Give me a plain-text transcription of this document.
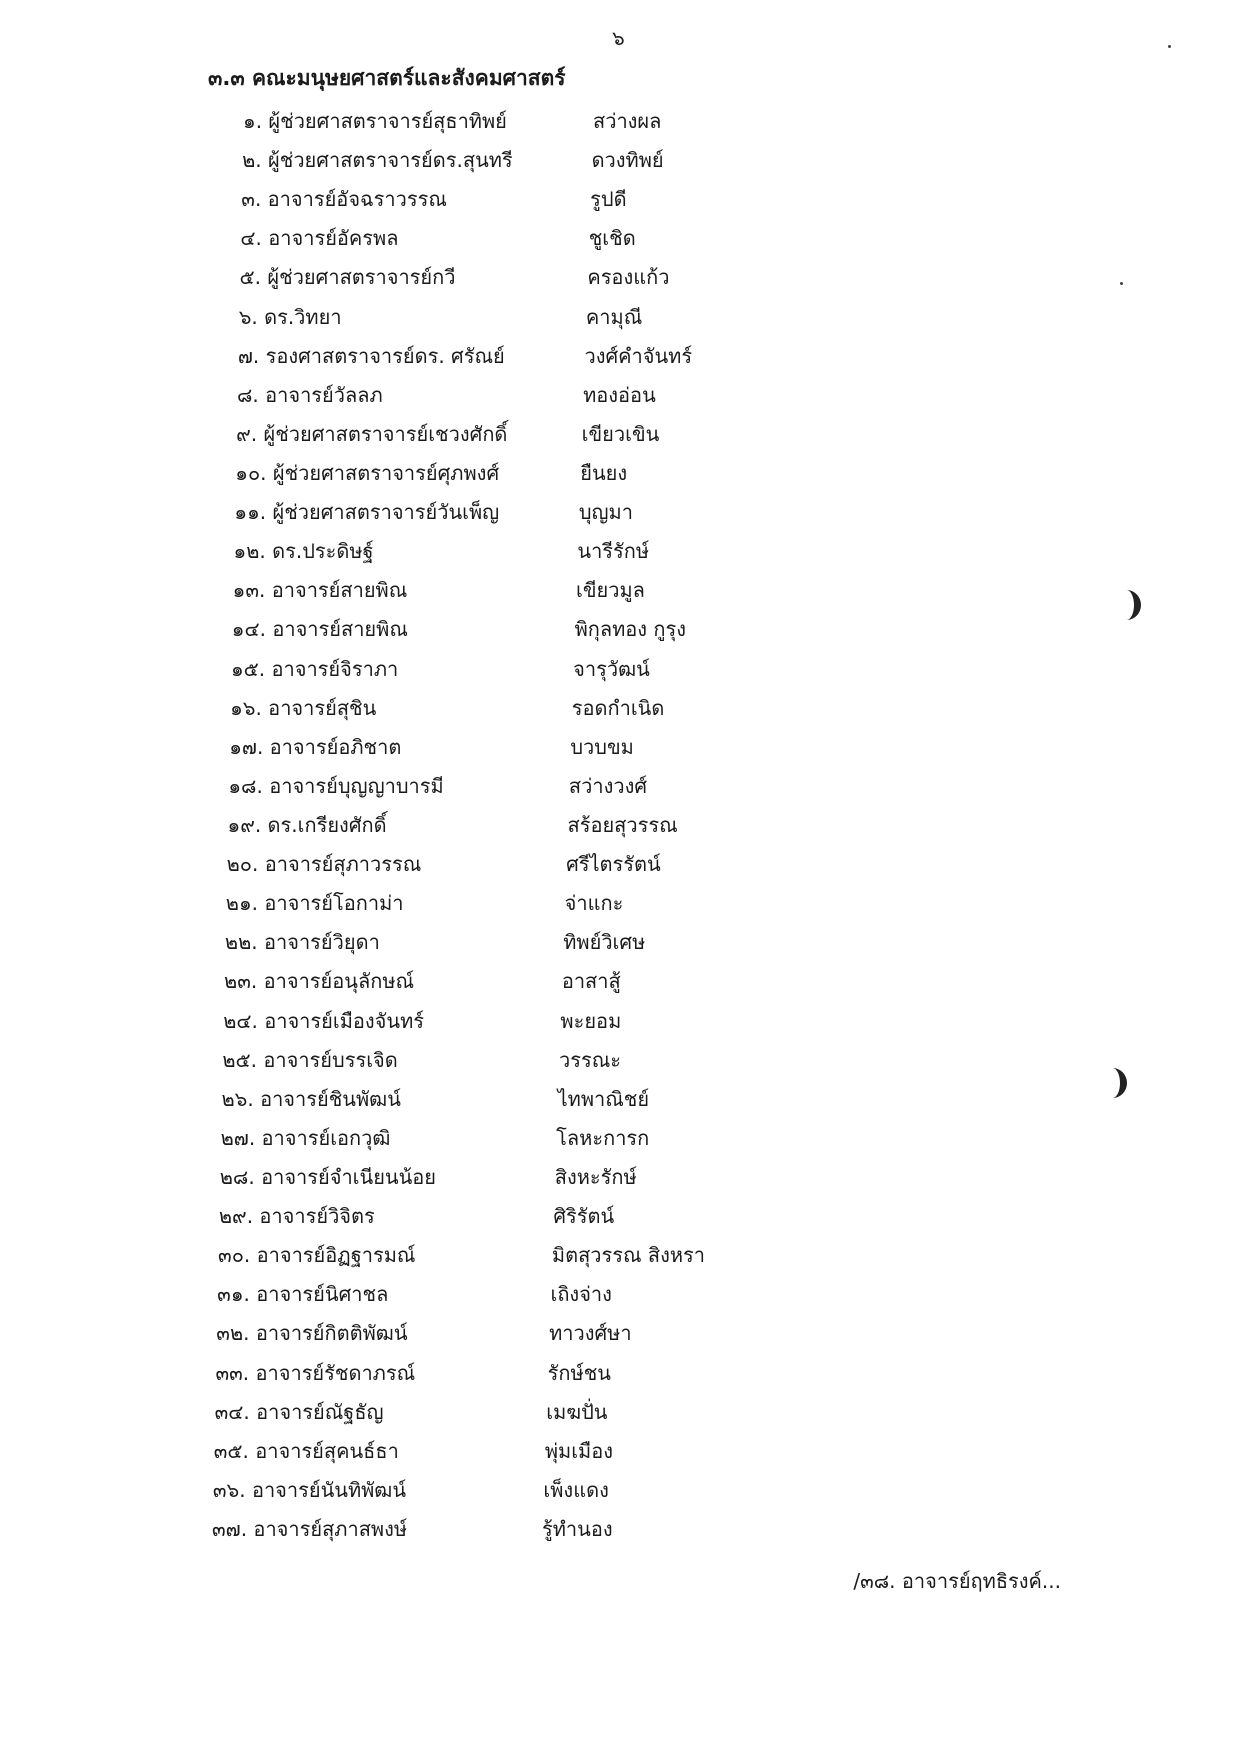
๖
๓.๓ คณะมนุษยศาสตร์และสังคมศาสตร์
๑. ผู้ช่วยศาสตราจารย์สุธาทิพย์	สว่างผล
๒. ผู้ช่วยศาสตราจารย์ดร.สุนทรี	ดวงทิพย์
๓. อาจารย์อัจฉราวรรณ	รูปดี
๔. อาจารย์อัครพล	ชูเชิด
๕. ผู้ช่วยศาสตราจารย์กวี	ครองแก้ว
๖. ดร.วิทยา	คามุณี
๗. รองศาสตราจารย์ดร. ศรัณย์	วงศ์คำจันทร์
๘. อาจารย์วัลลภ	ทองอ่อน
๙. ผู้ช่วยศาสตราจารย์เชวงศักดิ์	เขียวเขิน
๑๐. ผู้ช่วยศาสตราจารย์ศุภพงศ์	ยืนยง
๑๑. ผู้ช่วยศาสตราจารย์วันเพ็ญ	บุญมา
๑๒. ดร.ประดิษฐ์	นารีรักษ์
๑๓. อาจารย์สายพิณ	เขียวมูล
๑๔. อาจารย์สายพิณ	พิกุลทอง กูรุง
๑๕. อาจารย์จิราภา	จารุวัฒน์
๑๖. อาจารย์สุชิน	รอดกำเนิด
๑๗. อาจารย์อภิชาต	บวบขม
๑๘. อาจารย์บุญญาบารมี	สว่างวงศ์
๑๙. ดร.เกรียงศักดิ์	สร้อยสุวรรณ
๒๐. อาจารย์สุภาวรรณ	ศรีไตรรัตน์
๒๑. อาจารย์โอกาม่า	จ่าแกะ
๒๒. อาจารย์วิยุดา	ทิพย์วิเศษ
๒๓. อาจารย์อนุลักษณ์	อาสาสู้
๒๔. อาจารย์เมืองจันทร์	พะยอม
๒๕. อาจารย์บรรเจิด	วรรณะ
๒๖. อาจารย์ชินพัฒน์	ไทพาณิชย์
๒๗. อาจารย์เอกวุฒิ	โลหะการก
๒๘. อาจารย์จำเนียนน้อย	สิงหะรักษ์
๒๙. อาจารย์วิจิตร	ศิริรัตน์
๓๐. อาจารย์อิฏฐารมณ์	มิตสุวรรณ สิงหรา
๓๑. อาจารย์นิศาชล	เถิงจ่าง
๓๒. อาจารย์กิตติพัฒน์	ทาวงศ์ษา
๓๓. อาจารย์รัชดาภรณ์	รักษ์ชน
๓๔. อาจารย์ณัฐธัญ	เมฆปั่น
๓๕. อาจารย์สุคนธ์ธา	พุ่มเมือง
๓๖. อาจารย์นันทิพัฒน์	เพ็งแดง
๓๗. อาจารย์สุภาสพงษ์	รู้ทำนอง
/๓๘. อาจารย์ฤทธิรงค์...
